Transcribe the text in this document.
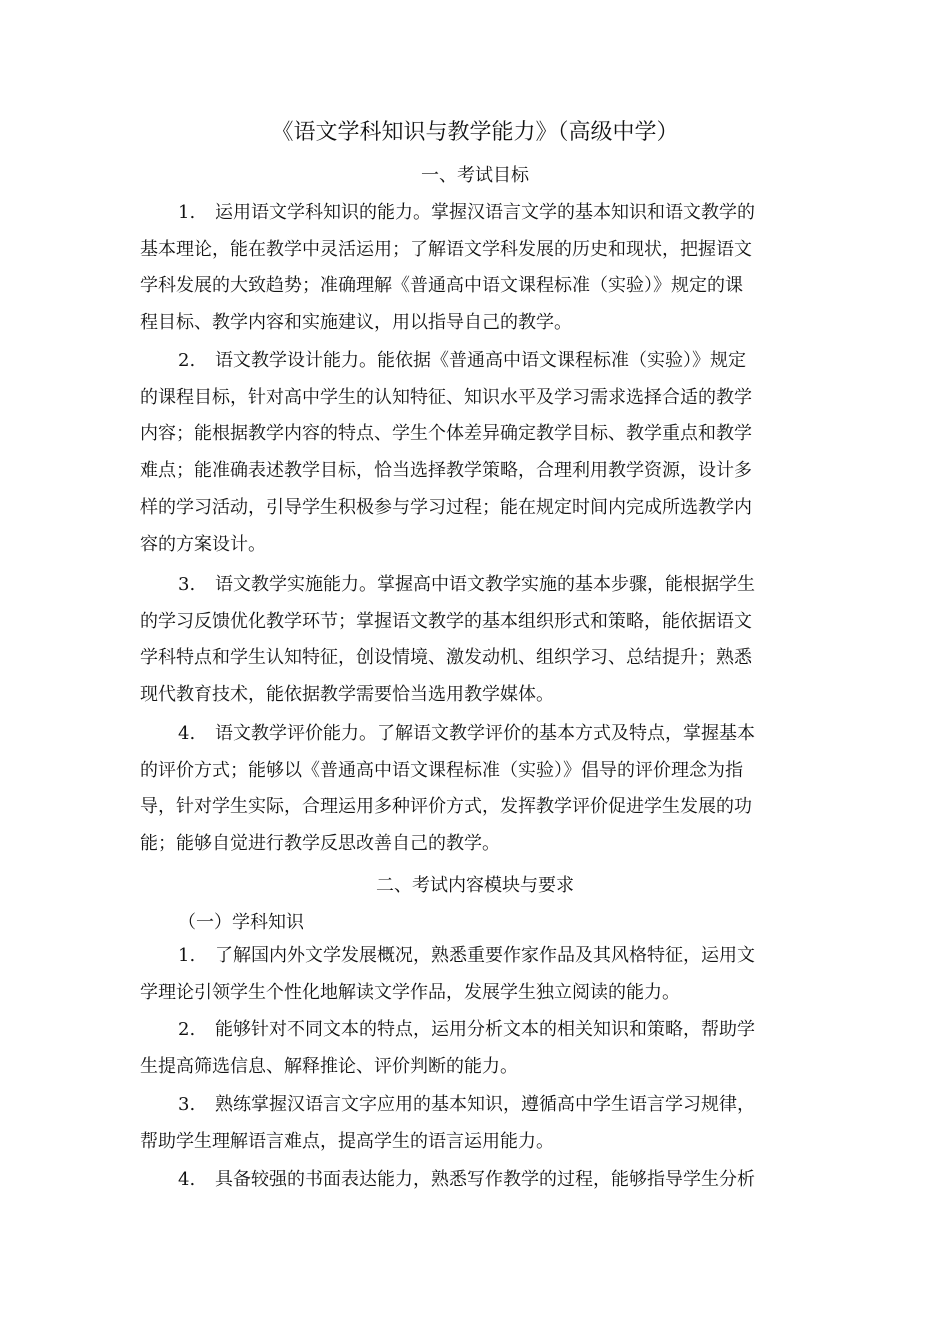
《语文学科知识与教学能力》（高级中学）
一、考试目标
1. 运用语文学科知识的能力。掌握汉语言文学的基本知识和语文教学的
基本理论，能在教学中灵活运用；了解语文学科发展的历史和现状，把握语文
学科发展的大致趋势；准确理解《普通高中语文课程标准（实验）》规定的课
程目标、教学内容和实施建议，用以指导自己的教学。
2. 语文教学设计能力。能依据《普通高中语文课程标准（实验）》规定
的课程目标，针对高中学生的认知特征、知识水平及学习需求选择合适的教学
内容；能根据教学内容的特点、学生个体差异确定教学目标、教学重点和教学
难点；能准确表述教学目标，恰当选择教学策略，合理利用教学资源，设计多
样的学习活动，引导学生积极参与学习过程；能在规定时间内完成所选教学内
容的方案设计。
3. 语文教学实施能力。掌握高中语文教学实施的基本步骤，能根据学生
的学习反馈优化教学环节；掌握语文教学的基本组织形式和策略，能依据语文
学科特点和学生认知特征，创设情境、激发动机、组织学习、总结提升；熟悉
现代教育技术，能依据教学需要恰当选用教学媒体。
4. 语文教学评价能力。了解语文教学评价的基本方式及特点，掌握基本
的评价方式；能够以《普通高中语文课程标准（实验）》倡导的评价理念为指
导，针对学生实际，合理运用多种评价方式，发挥教学评价促进学生发展的功
能；能够自觉进行教学反思改善自己的教学。
二、考试内容模块与要求
（一）学科知识
1. 了解国内外文学发展概况，熟悉重要作家作品及其风格特征，运用文
学理论引领学生个性化地解读文学作品，发展学生独立阅读的能力。
2. 能够针对不同文本的特点，运用分析文本的相关知识和策略，帮助学
生提高筛选信息、解释推论、评价判断的能力。
3. 熟练掌握汉语言文字应用的基本知识，遵循高中学生语言学习规律，
帮助学生理解语言难点，提高学生的语言运用能力。
4. 具备较强的书面表达能力，熟悉写作教学的过程，能够指导学生分析
